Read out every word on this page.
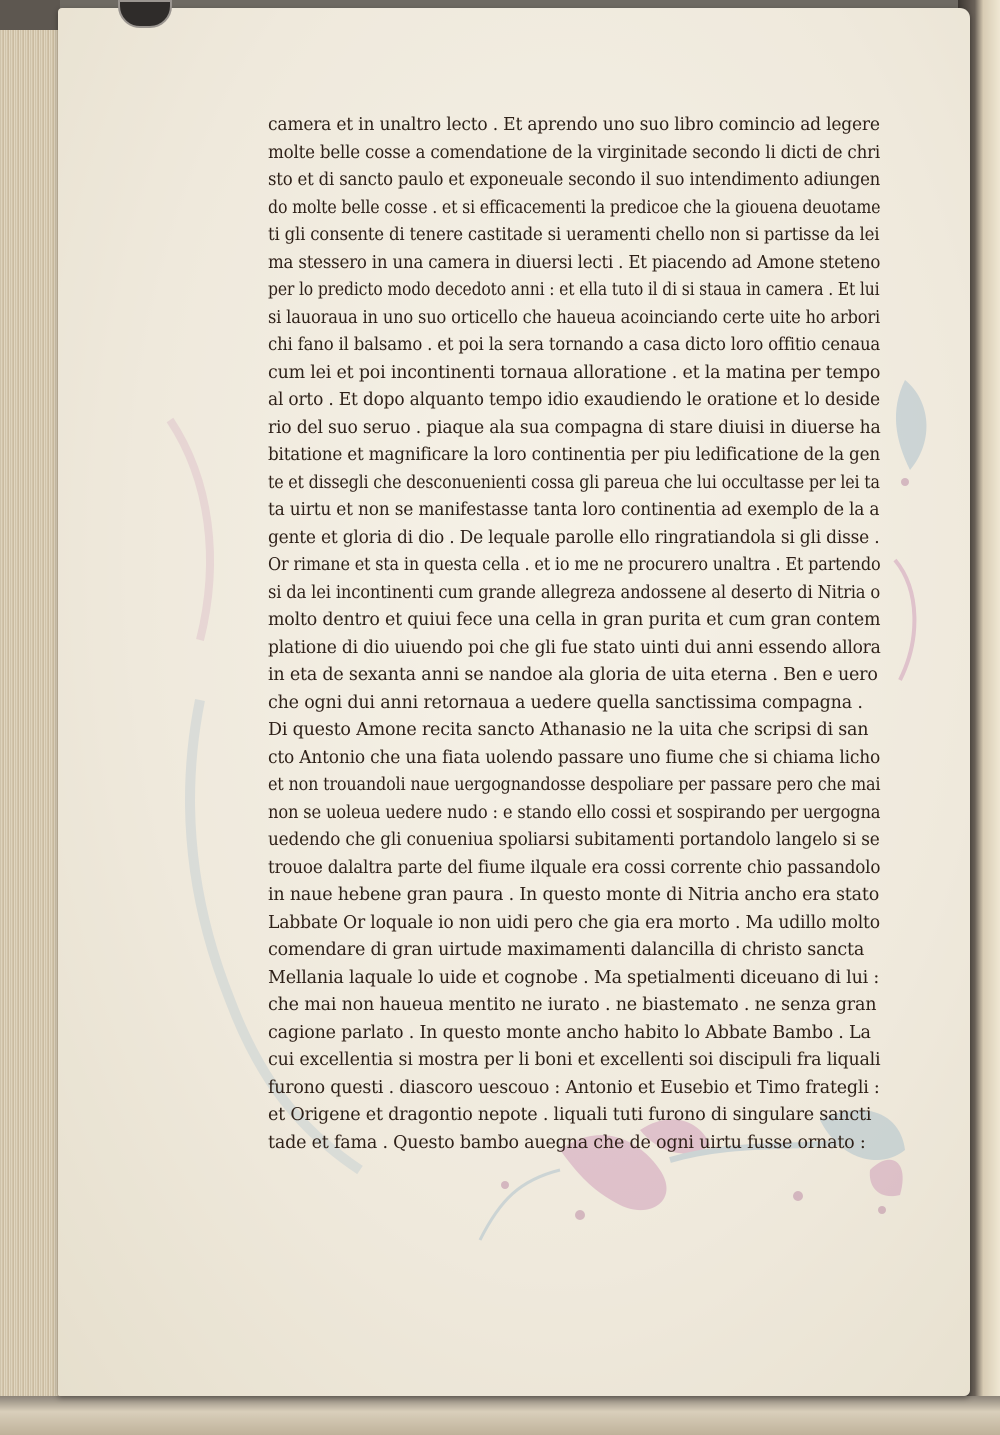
camera et in unaltro lecto . Et aprendo uno suo libro comincio ad legere
molte belle cosse a comendatione de la virginitade secondo li dicti de chri
sto et di sancto paulo et exponeuale secondo il suo intendimento adiungen
do molte belle cosse . et si efficacementi la predicoe che la giouena deuotame
ti gli consente di tenere castitade si ueramenti chello non si partisse da lei
ma stessero in una camera in diuersi lecti . Et piacendo ad Amone steteno
per lo predicto modo decedoto anni : et ella tuto il di si staua in camera . Et lui
si lauoraua in uno suo orticello che haueua acoinciando certe uite ho arbori
chi fano il balsamo . et poi la sera tornando a casa dicto loro offitio cenaua
cum lei et poi incontinenti tornaua alloratione . et la matina per tempo
al orto . Et dopo alquanto tempo idio exaudiendo le oratione et lo deside
rio del suo seruo . piaque ala sua compagna di stare diuisi in diuerse ha
bitatione et magnificare la loro continentia per piu ledificatione de la gen
te et dissegli che desconuenienti cossa gli pareua che lui occultasse per lei ta
ta uirtu et non se manifestasse tanta loro continentia ad exemplo de la a
gente et gloria di dio . De lequale parolle ello ringratiandola si gli disse .
Or rimane et sta in questa cella . et io me ne procurero unaltra . Et partendo
si da lei incontinenti cum grande allegreza andossene al deserto di Nitria o
molto dentro et quiui fece una cella in gran purita et cum gran contem
platione di dio uiuendo poi che gli fue stato uinti dui anni essendo allora
in eta de sexanta anni se nandoe ala gloria de uita eterna . Ben e uero
che ogni dui anni retornaua a uedere quella sanctissima compagna .
Di questo Amone recita sancto Athanasio ne la uita che scripsi di san
cto Antonio che una fiata uolendo passare uno fiume che si chiama licho
et non trouandoli naue uergognandosse despoliare per passare pero che mai
non se uoleua uedere nudo : e stando ello cossi et sospirando per uergogna
uedendo che gli conueniua spoliarsi subitamenti portandolo langelo si se
trouoe dalaltra parte del fiume ilquale era cossi corrente chio passandolo
in naue hebene gran paura . In questo monte di Nitria ancho era stato
Labbate Or loquale io non uidi pero che gia era morto . Ma udillo molto
comendare di gran uirtude maximamenti dalancilla di christo sancta
Mellania laquale lo uide et cognobe . Ma spetialmenti diceuano di lui :
che mai non haueua mentito ne iurato . ne biastemato . ne senza gran
cagione parlato . In questo monte ancho habito lo Abbate Bambo . La
cui excellentia si mostra per li boni et excellenti soi discipuli fra liquali
furono questi . diascoro uescouo : Antonio et Eusebio et Timo frategli :
et Origene et dragontio nepote . liquali tuti furono di singulare sancti
tade et fama . Questo bambo auegna che de ogni uirtu fusse ornato :
